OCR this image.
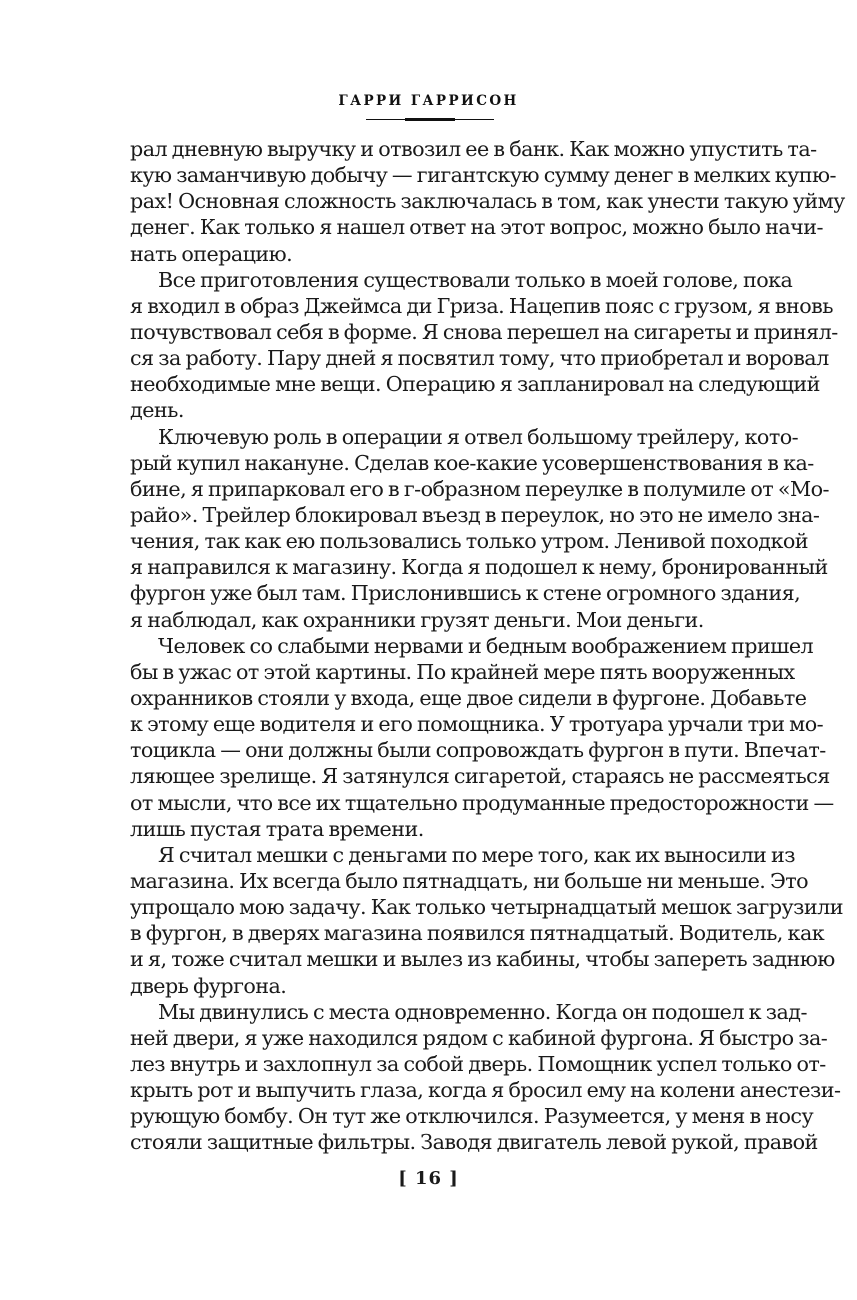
ГАРРИ ГАРРИСОН
рал дневную выручку и отвозил ее в банк. Как можно упустить та-
кую заманчивую добычу — гигантскую сумму денег в мелких купю-
рах! Основная сложность заключалась в том, как унести такую уйму
денег. Как только я нашел ответ на этот вопрос, можно было начи-
нать операцию.
Все приготовления существовали только в моей голове, пока
я входил в образ Джеймса ди Гриза. Нацепив пояс с грузом, я вновь
почувствовал себя в форме. Я снова перешел на сигареты и принял-
ся за работу. Пару дней я посвятил тому, что приобретал и воровал
необходимые мне вещи. Операцию я запланировал на следующий
день.
Ключевую роль в операции я отвел большому трейлеру, кото-
рый купил накануне. Сделав кое-какие усовершенствования в ка-
бине, я припарковал его в г-образном переулке в полумиле от «Мо-
райо». Трейлер блокировал въезд в переулок, но это не имело зна-
чения, так как ею пользовались только утром. Ленивой походкой
я направился к магазину. Когда я подошел к нему, бронированный
фургон уже был там. Прислонившись к стене огромного здания,
я наблюдал, как охранники грузят деньги. Мои деньги.
Человек со слабыми нервами и бедным воображением пришел
бы в ужас от этой картины. По крайней мере пять вооруженных
охранников стояли у входа, еще двое сидели в фургоне. Добавьте
к этому еще водителя и его помощника. У тротуара урчали три мо-
тоцикла — они должны были сопровождать фургон в пути. Впечат-
ляющее зрелище. Я затянулся сигаретой, стараясь не рассмеяться
от мысли, что все их тщательно продуманные предосторожности —
лишь пустая трата времени.
Я считал мешки с деньгами по мере того, как их выносили из
магазина. Их всегда было пятнадцать, ни больше ни меньше. Это
упрощало мою задачу. Как только четырнадцатый мешок загрузили
в фургон, в дверях магазина появился пятнадцатый. Водитель, как
и я, тоже считал мешки и вылез из кабины, чтобы запереть заднюю
дверь фургона.
Мы двинулись с места одновременно. Когда он подошел к зад-
ней двери, я уже находился рядом с кабиной фургона. Я быстро за-
лез внутрь и захлопнул за собой дверь. Помощник успел только от-
крыть рот и выпучить глаза, когда я бросил ему на колени анестези-
рующую бомбу. Он тут же отключился. Разумеется, у меня в носу
стояли защитные фильтры. Заводя двигатель левой рукой, правой
[ 16 ]
